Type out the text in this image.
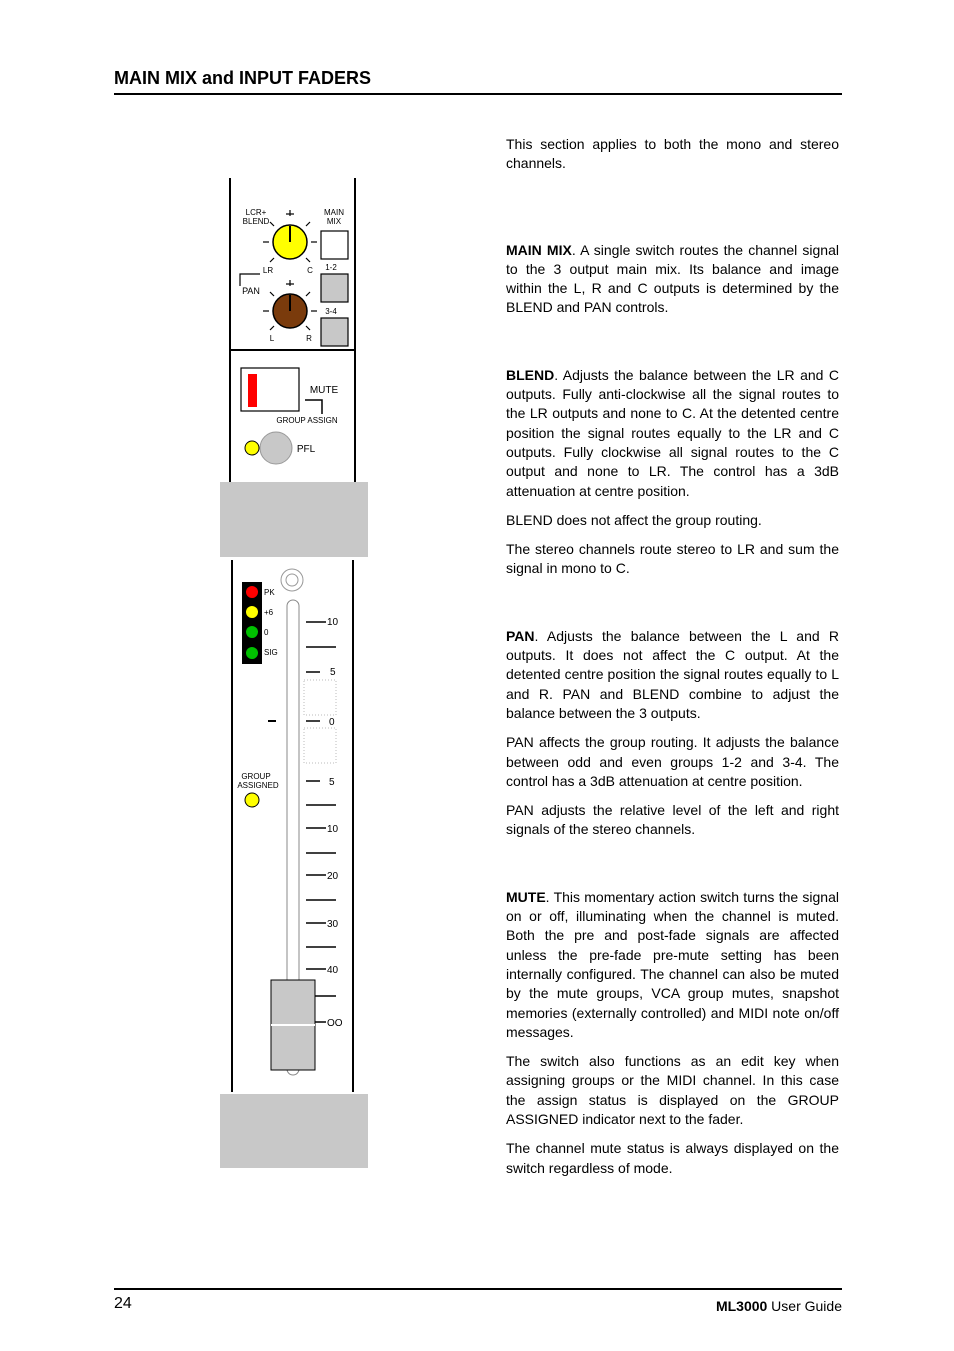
MAIN MIX and INPUT FADERS
LCR+
BLEND
MAIN
MIX
LR	C 1-2
3-4
PAN
L	R
MUTE
GROUP ASSIGN
PFL
PK
+6
0
SIG
10
5
0
5
10
20
30
40
OO
GROUP
ASSIGNED

This section applies to both the mono and stereo channels.

MAIN MIX. A single switch routes the channel signal to the 3 output main mix. Its balance and image within the L, R and C outputs is determined by the BLEND and PAN controls.

BLEND. Adjusts the balance between the LR and C outputs. Fully anti-clockwise all the signal routes to the LR outputs and none to C. At the detented centre position the signal routes equally to the LR and C outputs. Fully clockwise all signal routes to the C output and none to LR. The control has a 3dB attenuation at centre position.

BLEND does not affect the group routing.

The stereo channels route stereo to LR and sum the signal in mono to C.

PAN. Adjusts the balance between the L and R outputs. It does not affect the C output. At the detented centre position the signal routes equally to L and R. PAN and BLEND combine to adjust the balance between the 3 outputs.

PAN affects the group routing. It adjusts the balance between odd and even groups 1-2 and 3-4. The control has a 3dB attenuation at centre position.

PAN adjusts the relative level of the left and right signals of the stereo channels.

MUTE. This momentary action switch turns the signal on or off, illuminating when the channel is muted. Both the pre and post-fade signals are affected unless the pre-fade pre-mute setting has been internally configured. The channel can also be muted by the mute groups, VCA group mutes, snapshot memories (externally controlled) and MIDI note on/off messages.

The switch also functions as an edit key when assigning groups or the MIDI channel. In this case the assign status is displayed on the GROUP ASSIGNED indicator next to the fader.

The channel mute status is always displayed on the switch regardless of mode.

24	ML3000 User Guide
